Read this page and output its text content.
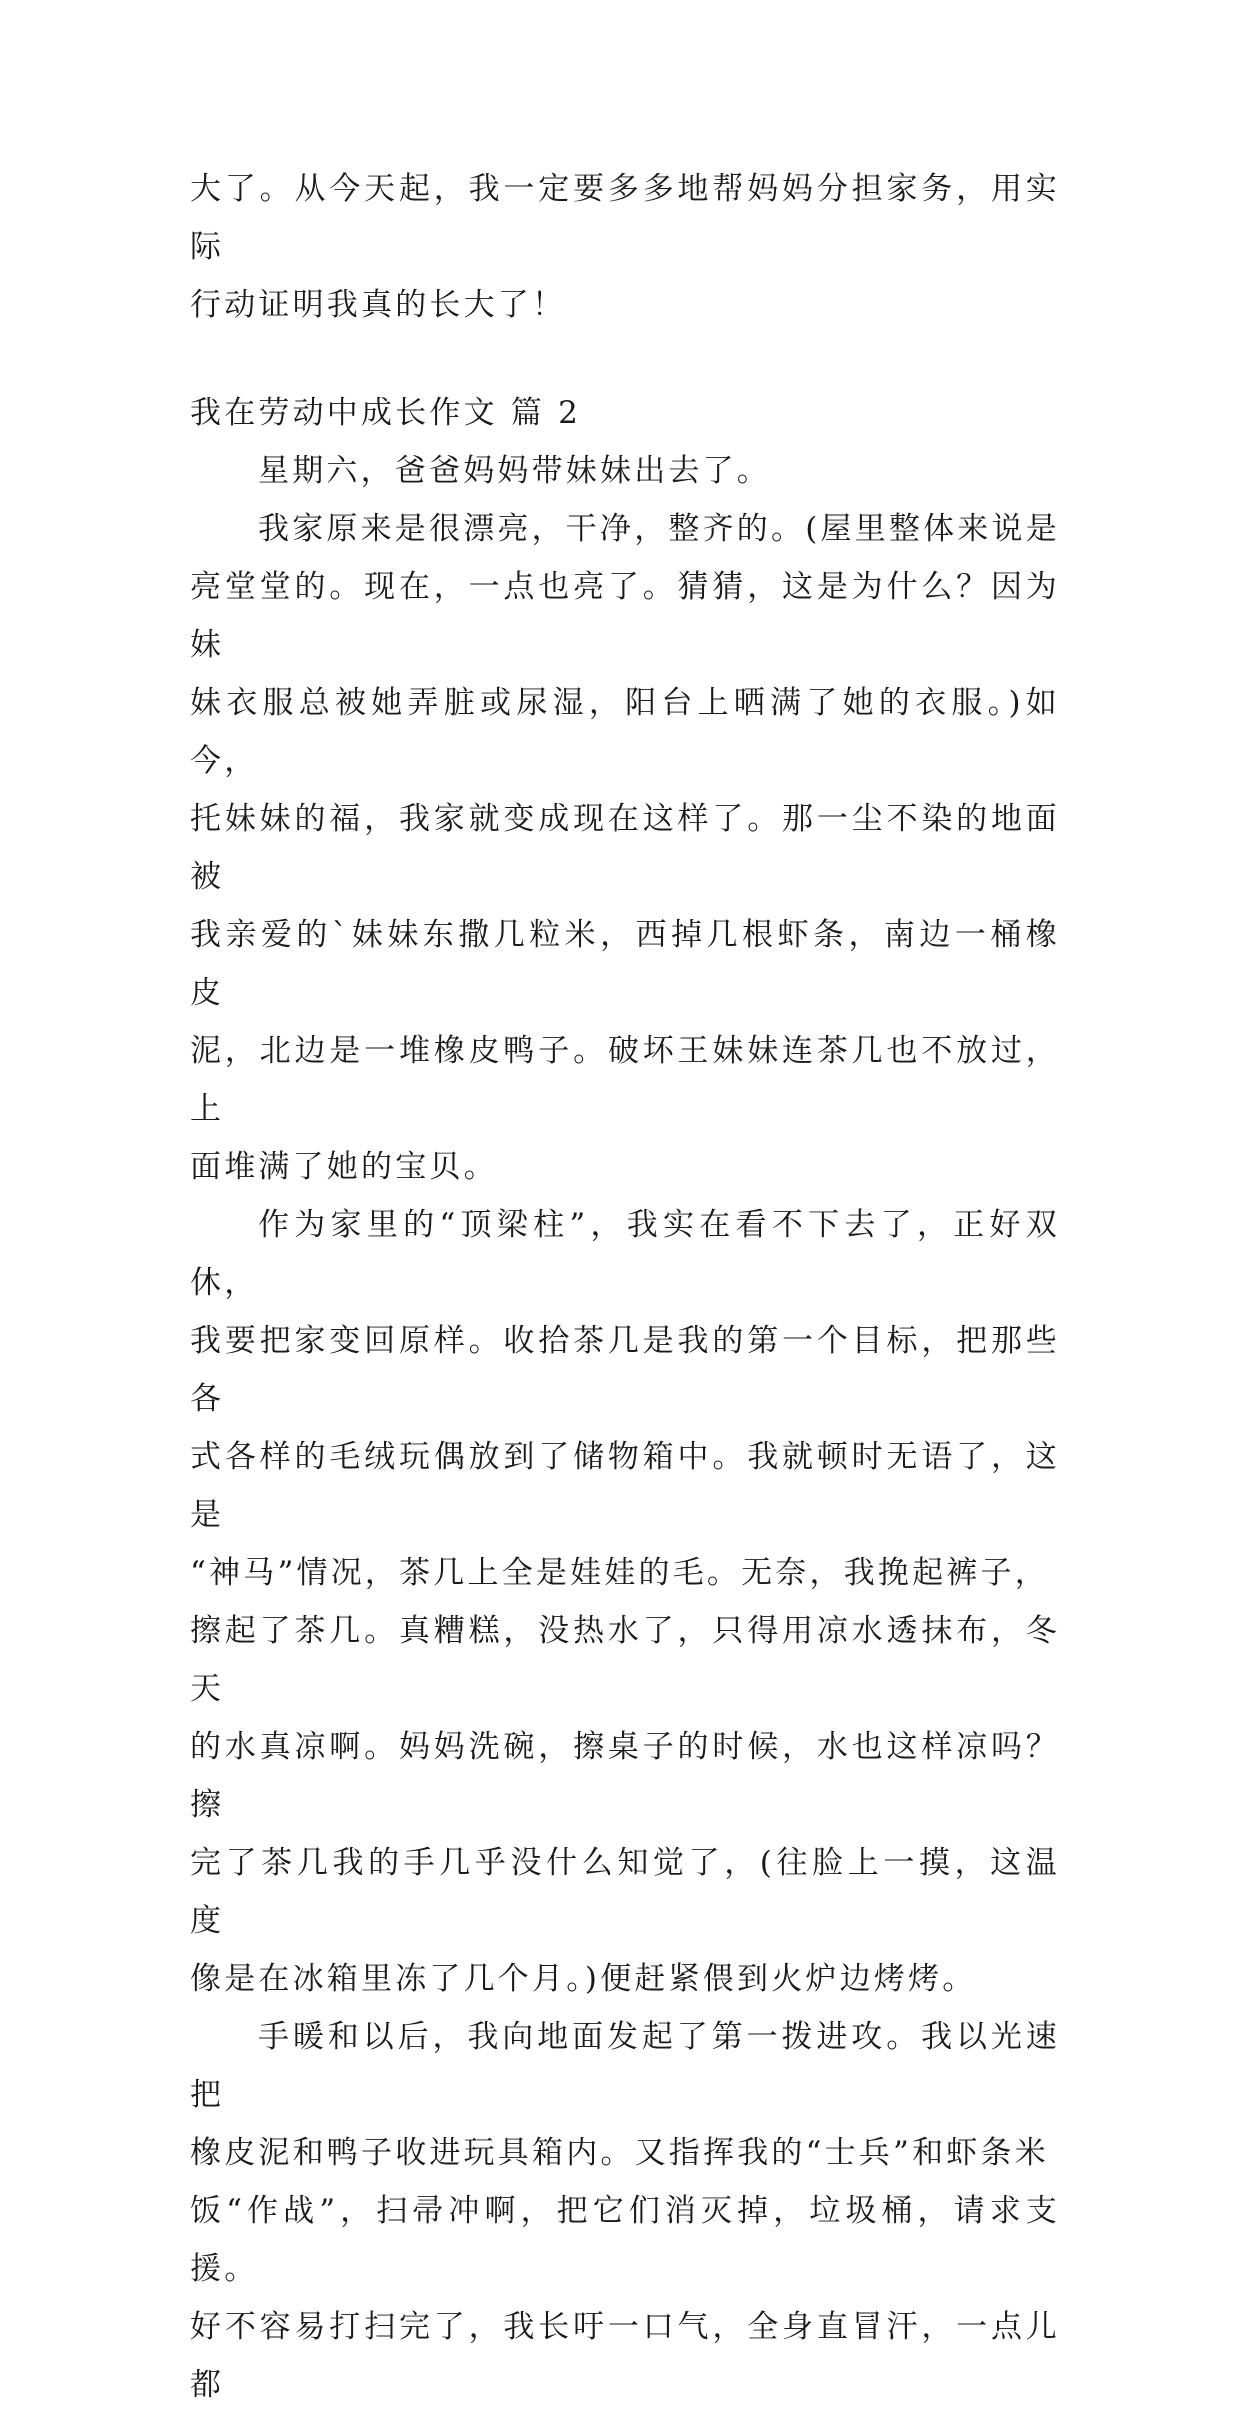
大了。从今天起，我一定要多多地帮妈妈分担家务，用实际
行动证明我真的长大了！

我在劳动中成长作文 篇 2

星期六，爸爸妈妈带妹妹出去了。

我家原来是很漂亮，干净，整齐的。(屋里整体来说是
亮堂堂的。现在，一点也亮了。猜猜，这是为什么？因为妹
妹衣服总被她弄脏或尿湿，阳台上晒满了她的衣服。)如今，
托妹妹的福，我家就变成现在这样了。那一尘不染的地面被
我亲爱的`妹妹东撒几粒米，西掉几根虾条，南边一桶橡皮
泥，北边是一堆橡皮鸭子。破坏王妹妹连茶几也不放过，上
面堆满了她的宝贝。

作为家里的“顶梁柱”，我实在看不下去了，正好双休，
我要把家变回原样。收拾茶几是我的第一个目标，把那些各
式各样的毛绒玩偶放到了储物箱中。我就顿时无语了，这是
“神马”情况，茶几上全是娃娃的毛。无奈，我挽起裤子，
擦起了茶几。真糟糕，没热水了，只得用凉水透抹布，冬天
的水真凉啊。妈妈洗碗，擦桌子的时候，水也这样凉吗？擦
完了茶几我的手几乎没什么知觉了，(往脸上一摸，这温度
像是在冰箱里冻了几个月。)便赶紧偎到火炉边烤烤。

手暖和以后，我向地面发起了第一拨进攻。我以光速把
橡皮泥和鸭子收进玩具箱内。又指挥我的“士兵”和虾条米
饭“作战”，扫帚冲啊，把它们消灭掉，垃圾桶，请求支援。
好不容易打扫完了，我长吁一口气，全身直冒汗，一点儿都
